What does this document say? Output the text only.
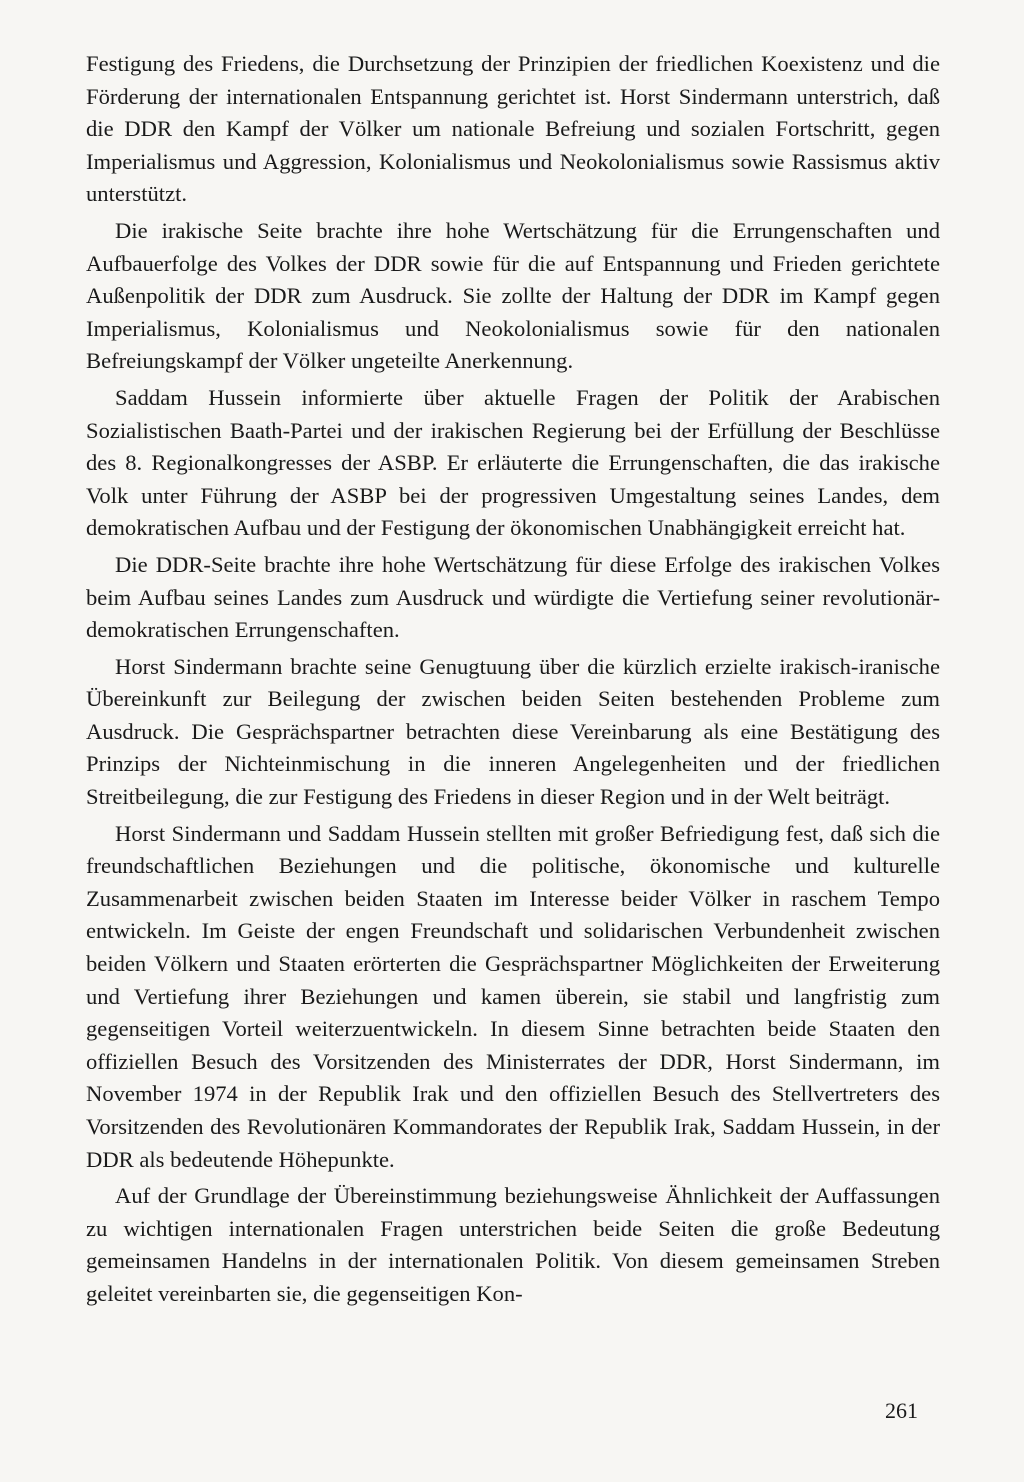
Festigung des Friedens, die Durchsetzung der Prinzipien der friedlichen Koexistenz und die Förderung der internationalen Entspannung gerichtet ist. Horst Sindermann unterstrich, daß die DDR den Kampf der Völker um nationale Befreiung und sozialen Fortschritt, gegen Imperialismus und Aggression, Kolonialismus und Neokolonialismus sowie Rassismus aktiv unterstützt.

Die irakische Seite brachte ihre hohe Wertschätzung für die Errungenschaften und Aufbauerfolge des Volkes der DDR sowie für die auf Entspannung und Frieden gerichtete Außenpolitik der DDR zum Ausdruck. Sie zollte der Haltung der DDR im Kampf gegen Imperialismus, Kolonialismus und Neokolonialismus sowie für den nationalen Befreiungskampf der Völker ungeteilte Anerkennung.

Saddam Hussein informierte über aktuelle Fragen der Politik der Arabischen Sozialistischen Baath-Partei und der irakischen Regierung bei der Erfüllung der Beschlüsse des 8. Regionalkongresses der ASBP. Er erläuterte die Errungenschaften, die das irakische Volk unter Führung der ASBP bei der progressiven Umgestaltung seines Landes, dem demokratischen Aufbau und der Festigung der ökonomischen Unabhängigkeit erreicht hat.

Die DDR-Seite brachte ihre hohe Wertschätzung für diese Erfolge des irakischen Volkes beim Aufbau seines Landes zum Ausdruck und würdigte die Vertiefung seiner revolutionär-demokratischen Errungenschaften.

Horst Sindermann brachte seine Genugtuung über die kürzlich erzielte irakisch-iranische Übereinkunft zur Beilegung der zwischen beiden Seiten bestehenden Probleme zum Ausdruck. Die Gesprächspartner betrachten diese Vereinbarung als eine Bestätigung des Prinzips der Nichteinmischung in die inneren Angelegenheiten und der friedlichen Streitbeilegung, die zur Festigung des Friedens in dieser Region und in der Welt beiträgt.

Horst Sindermann und Saddam Hussein stellten mit großer Befriedigung fest, daß sich die freundschaftlichen Beziehungen und die politische, ökonomische und kulturelle Zusammenarbeit zwischen beiden Staaten im Interesse beider Völker in raschem Tempo entwickeln. Im Geiste der engen Freundschaft und solidarischen Verbundenheit zwischen beiden Völkern und Staaten erörterten die Gesprächspartner Möglichkeiten der Erweiterung und Vertiefung ihrer Beziehungen und kamen überein, sie stabil und langfristig zum gegenseitigen Vorteil weiterzuentwickeln. In diesem Sinne betrachten beide Staaten den offiziellen Besuch des Vorsitzenden des Ministerrates der DDR, Horst Sindermann, im November 1974 in der Republik Irak und den offiziellen Besuch des Stellvertreters des Vorsitzenden des Revolutionären Kommandorates der Republik Irak, Saddam Hussein, in der DDR als bedeutende Höhepunkte.

Auf der Grundlage der Übereinstimmung beziehungsweise Ähnlichkeit der Auffassungen zu wichtigen internationalen Fragen unterstrichen beide Seiten die große Bedeutung gemeinsamen Handelns in der internationalen Politik. Von diesem gemeinsamen Streben geleitet vereinbarten sie, die gegenseitigen Kon-

261
